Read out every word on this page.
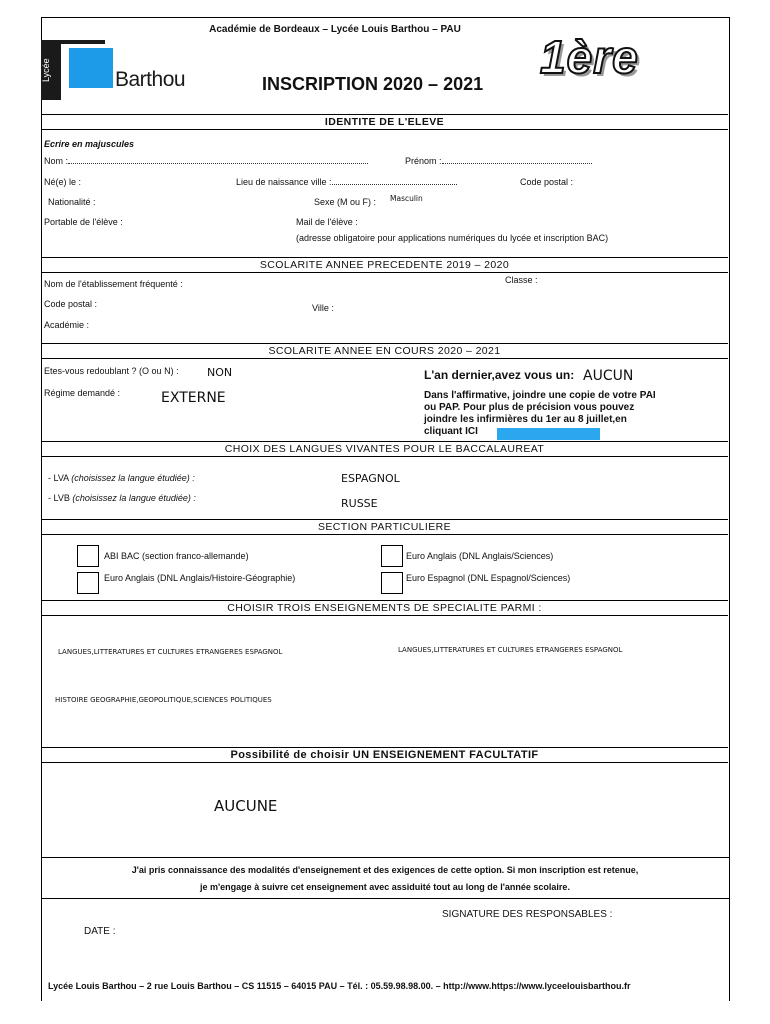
Académie de Bordeaux – Lycée Louis Barthou – PAU
Lycée	Barthou	1ère
INSCRIPTION 2020 – 2021
IDENTITE DE L'ELEVE
Ecrire en majuscules
Nom :	Prénom :
Né(e) le :	Lieu de naissance ville :	Code postal :
Nationalité :	Sexe (M ou F) : Masculin
Portable de l'élève :	Mail de l'élève :
(adresse obligatoire pour applications numériques du lycée et inscription BAC)
SCOLARITE ANNEE PRECEDENTE 2019 – 2020
Nom de l'établissement fréquenté :	Classe :
Code postal :	Ville :
Académie :
SCOLARITE ANNEE EN COURS 2020 – 2021
Etes-vous redoublant ? (O ou N) :	NON
Régime demandé :	EXTERNE
L'an dernier,avez vous un: AUCUN
Dans l'affirmative, joindre une copie de votre PAI
ou PAP. Pour plus de précision vous pouvez
joindre les infirmières du 1er au 8 juillet,en
cliquant ICI
CHOIX DES LANGUES VIVANTES POUR LE BACCALAUREAT
- LVA (choisissez la langue étudiée) :	ESPAGNOL
- LVB (choisissez la langue étudiée) :	RUSSE
SECTION PARTICULIERE
ABI BAC (section franco-allemande)	Euro Anglais (DNL Anglais/Sciences)
Euro Anglais (DNL Anglais/Histoire-Géographie)	Euro Espagnol (DNL Espagnol/Sciences)
CHOISIR TROIS ENSEIGNEMENTS DE SPECIALITE PARMI :
LANGUES,LITTERATURES ET CULTURES ETRANGERES ESPAGNOL	LANGUES,LITTERATURES ET CULTURES ETRANGERES ESPAGNOL
HISTOIRE GEOGRAPHIE,GEOPOLITIQUE,SCIENCES POLITIQUES
Possibilité de choisir UN ENSEIGNEMENT FACULTATIF
AUCUNE
J'ai pris connaissance des modalités d'enseignement et des exigences de cette option. Si mon inscription est retenue,
je m'engage à suivre cet enseignement avec assiduité tout au long de l'année scolaire.
SIGNATURE DES RESPONSABLES :
DATE :
Lycée Louis Barthou – 2 rue Louis Barthou – CS 11515 – 64015 PAU – Tél. : 05.59.98.98.00. – http://www.https://www.lyceelouisbarthou.fr
